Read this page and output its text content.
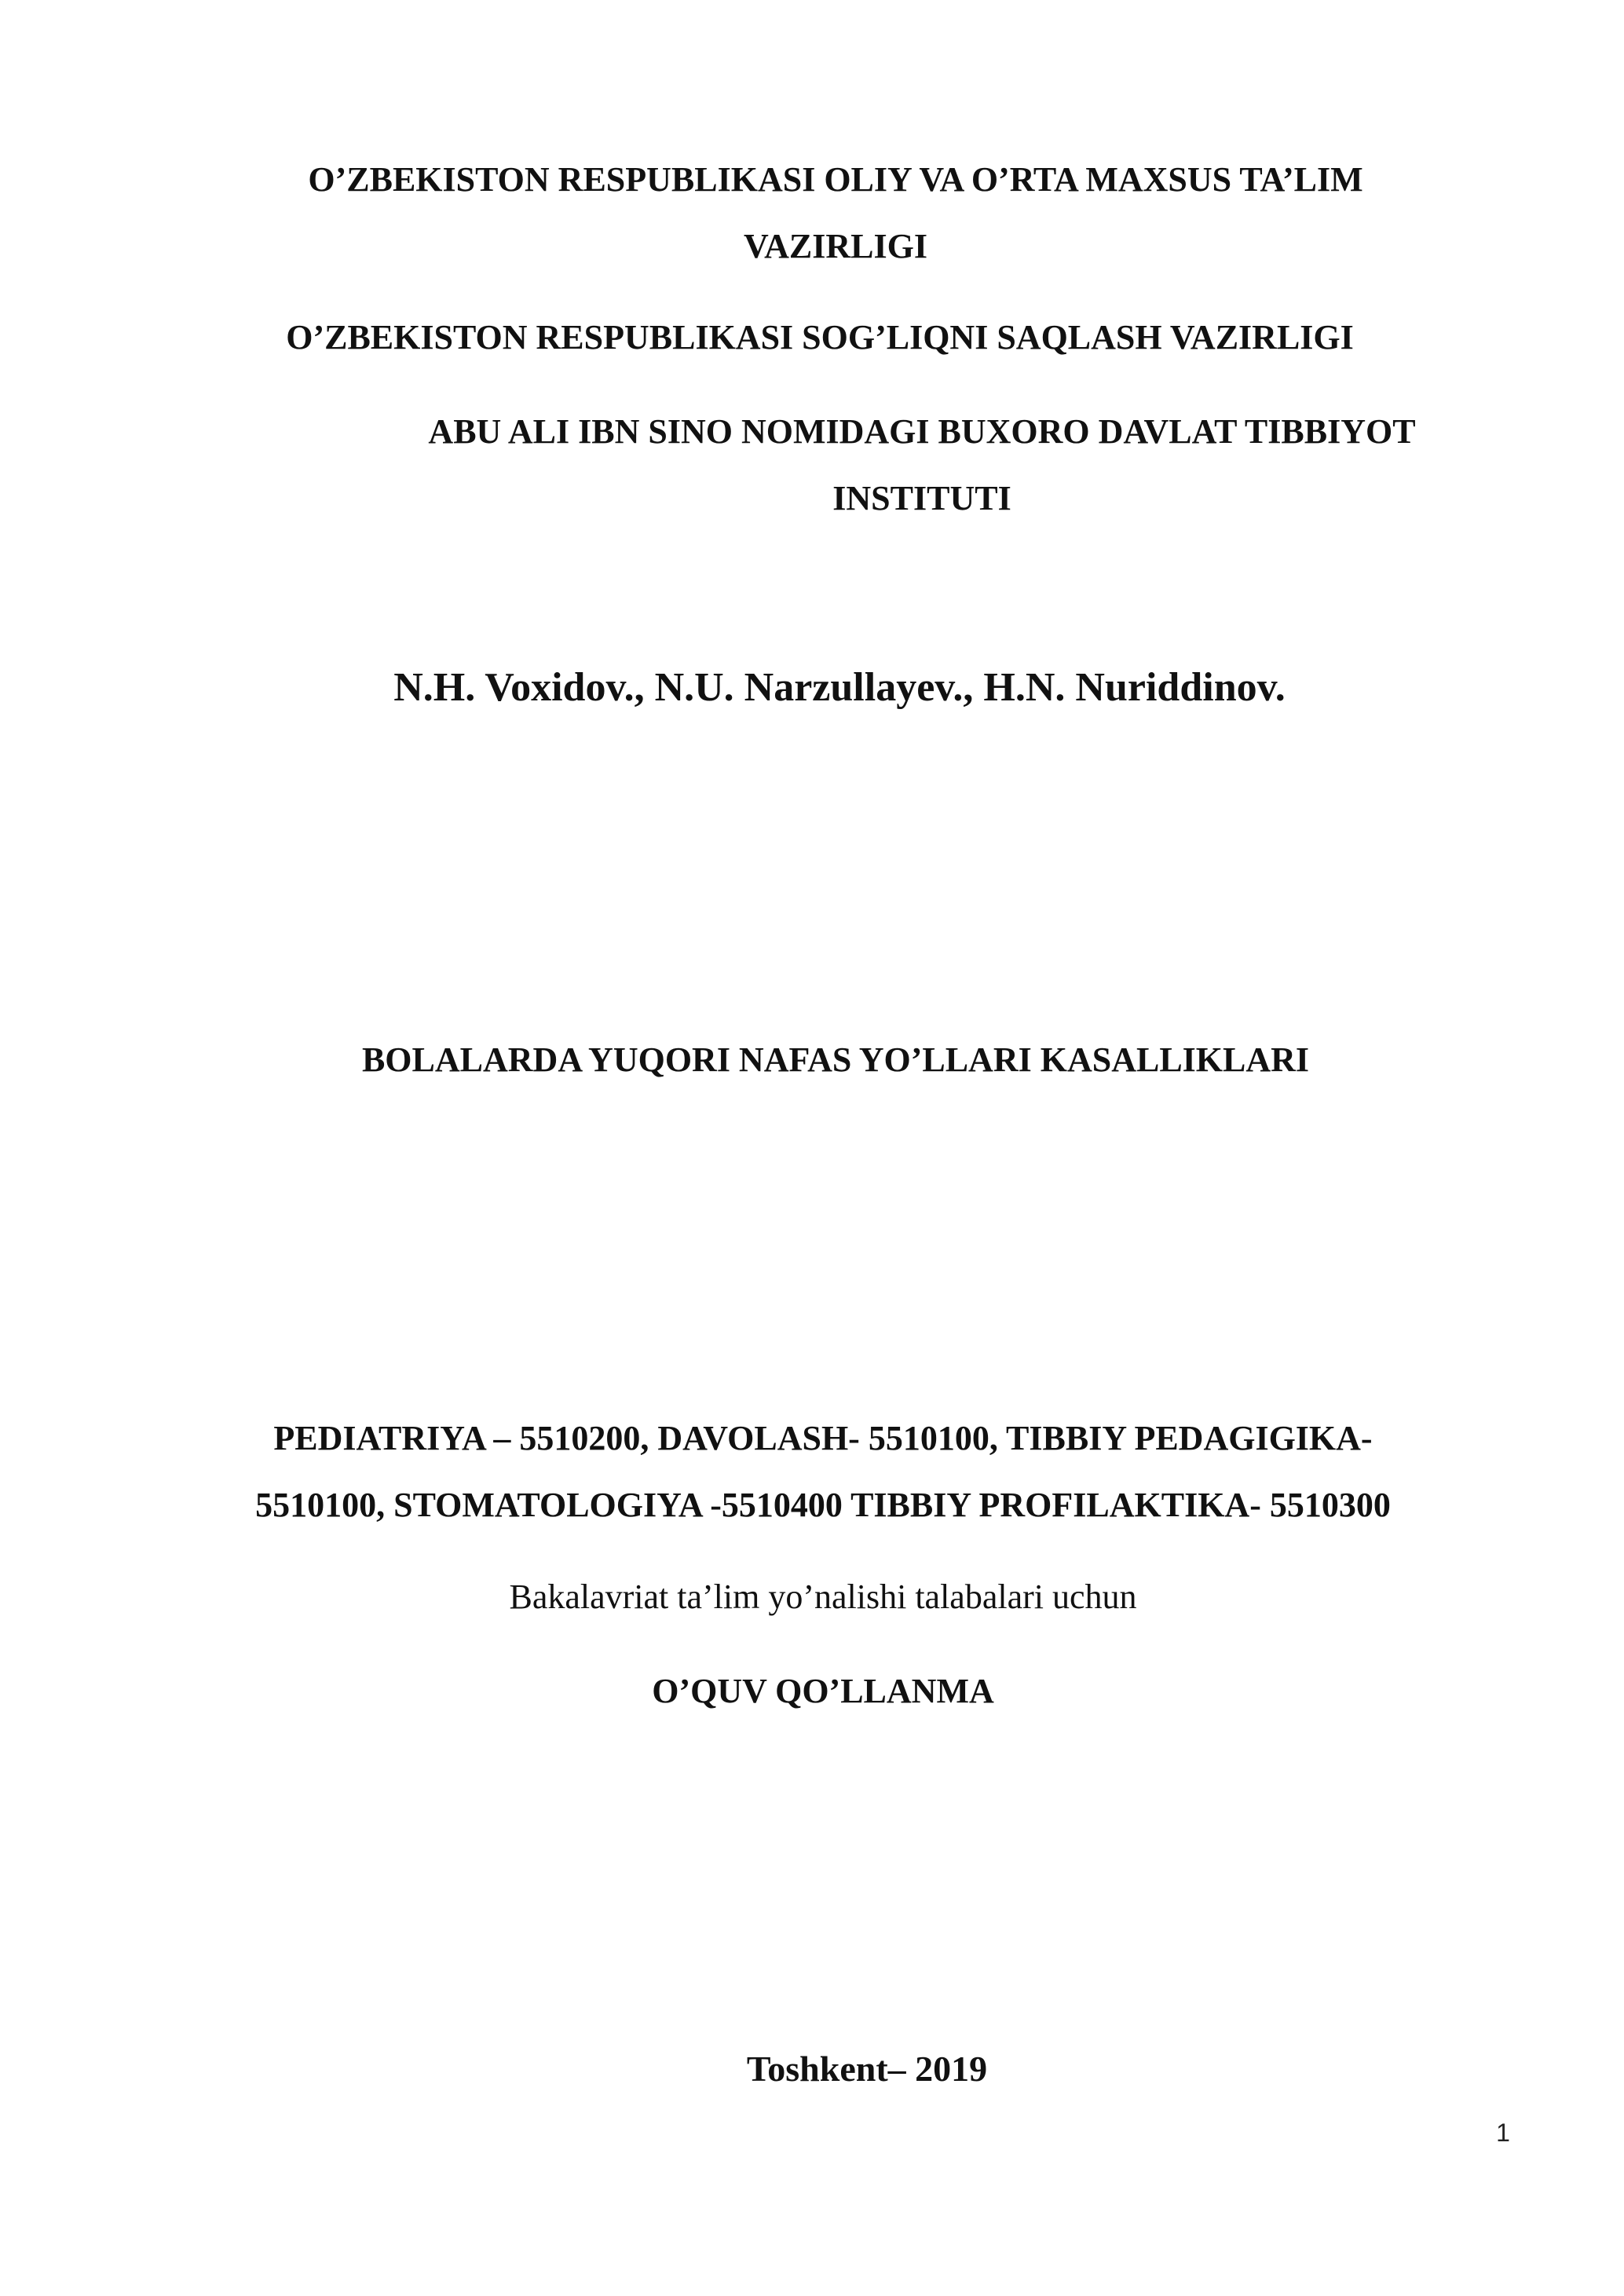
O’ZBEKISTON RESPUBLIKASI OLIY VA O’RTA MAXSUS TA’LIM
VAZIRLIGI
O’ZBEKISTON RESPUBLIKASI SOG’LIQNI SAQLASH VAZIRLIGI
ABU ALI IBN SINO NOMIDAGI BUXORO DAVLAT TIBBIYOT
INSTITUTI
N.H. Voxidov., N.U. Narzullayev., H.N. Nuriddinov.
BOLALARDA YUQORI NAFAS YO’LLARI KASALLIKLARI
PEDIATRIYA – 5510200, DAVOLASH- 5510100, TIBBIY PEDAGIGIKA-
5510100, STOMATOLOGIYA -5510400 TIBBIY PROFILAKTIKA- 5510300
Bakalavriat ta’lim yo’nalishi talabalari uchun
O’QUV QO’LLANMA
Toshkent– 2019
1
